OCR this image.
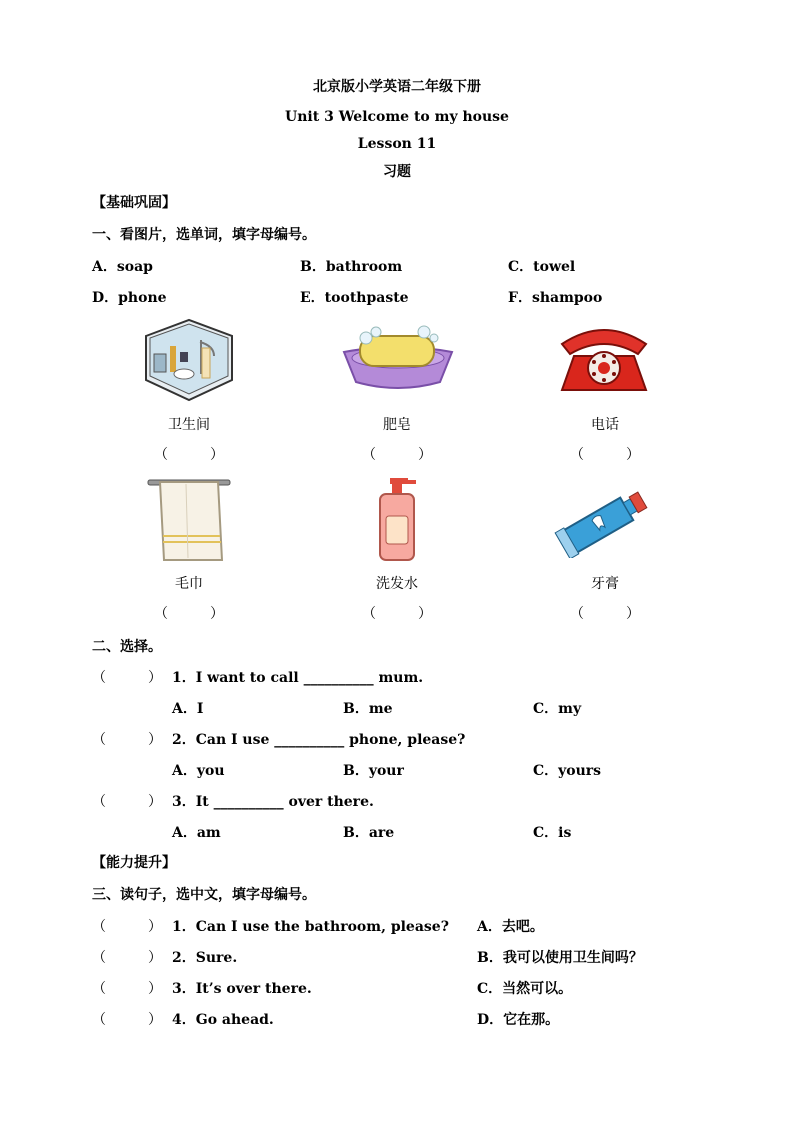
北京版小学英语二年级下册
Unit 3 Welcome to my house
Lesson 11
习题
【基础巩固】
一、看图片，选单词，填字母编号。
A．soap	B．bathroom	C．towel
D．phone	E．toothpaste	F．shampoo
卫生间	肥皂	电话
（　　　）	（　　　）	（　　　）
毛巾	洗发水	牙膏
（　　　）	（　　　）	（　　　）
二、选择。
（　　　） 1．I want to call __________ mum.
A．I	B．me	C．my
（　　　） 2．Can I use __________ phone, please?
A．you	B．your	C．yours
（　　　） 3．It __________ over there.
A．am	B．are	C．is
【能力提升】
三、读句子，选中文，填字母编号。
（　　　） 1．Can I use the bathroom, please? A．去吧。
（　　　） 2．Sure.	B．我可以使用卫生间吗？
（　　　） 3．It’s over there.	C．当然可以。
（　　　） 4．Go ahead.	D．它在那。
